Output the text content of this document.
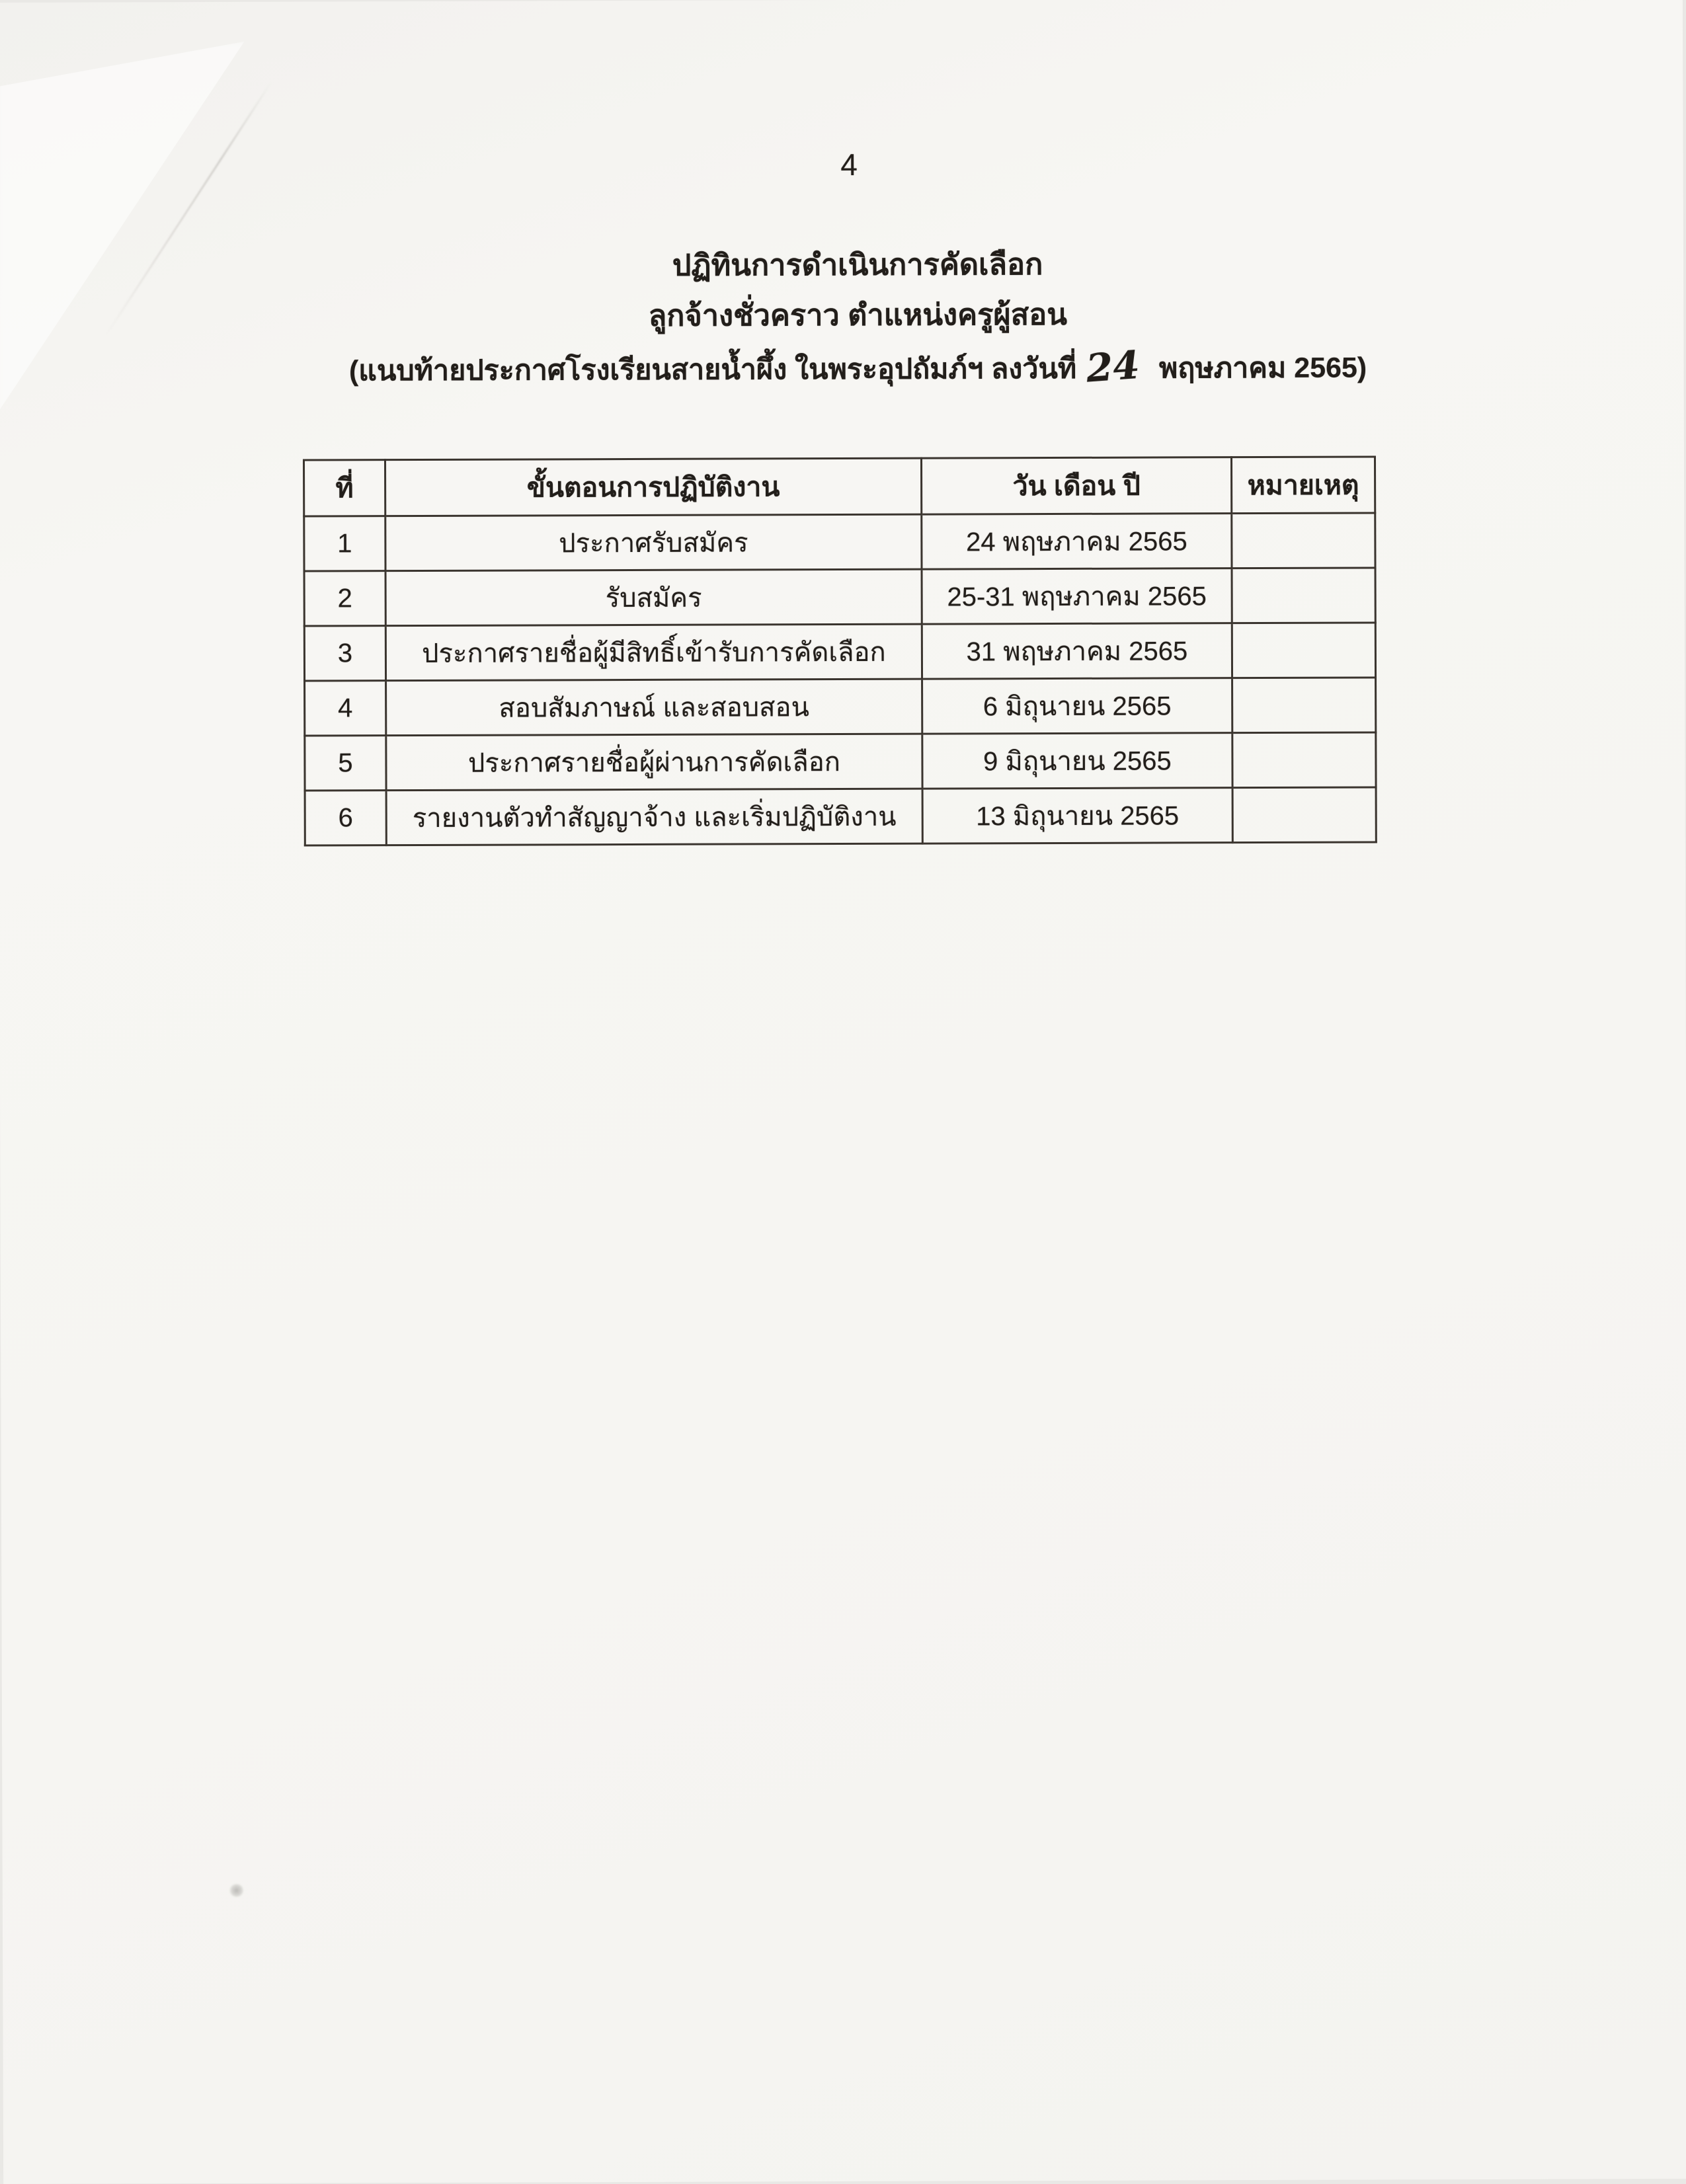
4
ปฏิทินการดำเนินการคัดเลือก
ลูกจ้างชั่วคราว ตำแหน่งครูผู้สอน
(แนบท้ายประกาศโรงเรียนสายน้ำผึ้ง ในพระอุปถัมภ์ฯ ลงวันที่ 24 พฤษภาคม 2565)
ที่	ขั้นตอนการปฏิบัติงาน	วัน เดือน ปี	หมายเหตุ
1	ประกาศรับสมัคร	24 พฤษภาคม 2565	
2	รับสมัคร	25-31 พฤษภาคม 2565	
3	ประกาศรายชื่อผู้มีสิทธิ์เข้ารับการคัดเลือก	31 พฤษภาคม 2565	
4	สอบสัมภาษณ์ และสอบสอน	6 มิถุนายน 2565	
5	ประกาศรายชื่อผู้ผ่านการคัดเลือก	9 มิถุนายน 2565	
6	รายงานตัวทำสัญญาจ้าง และเริ่มปฏิบัติงาน	13 มิถุนายน 2565	
